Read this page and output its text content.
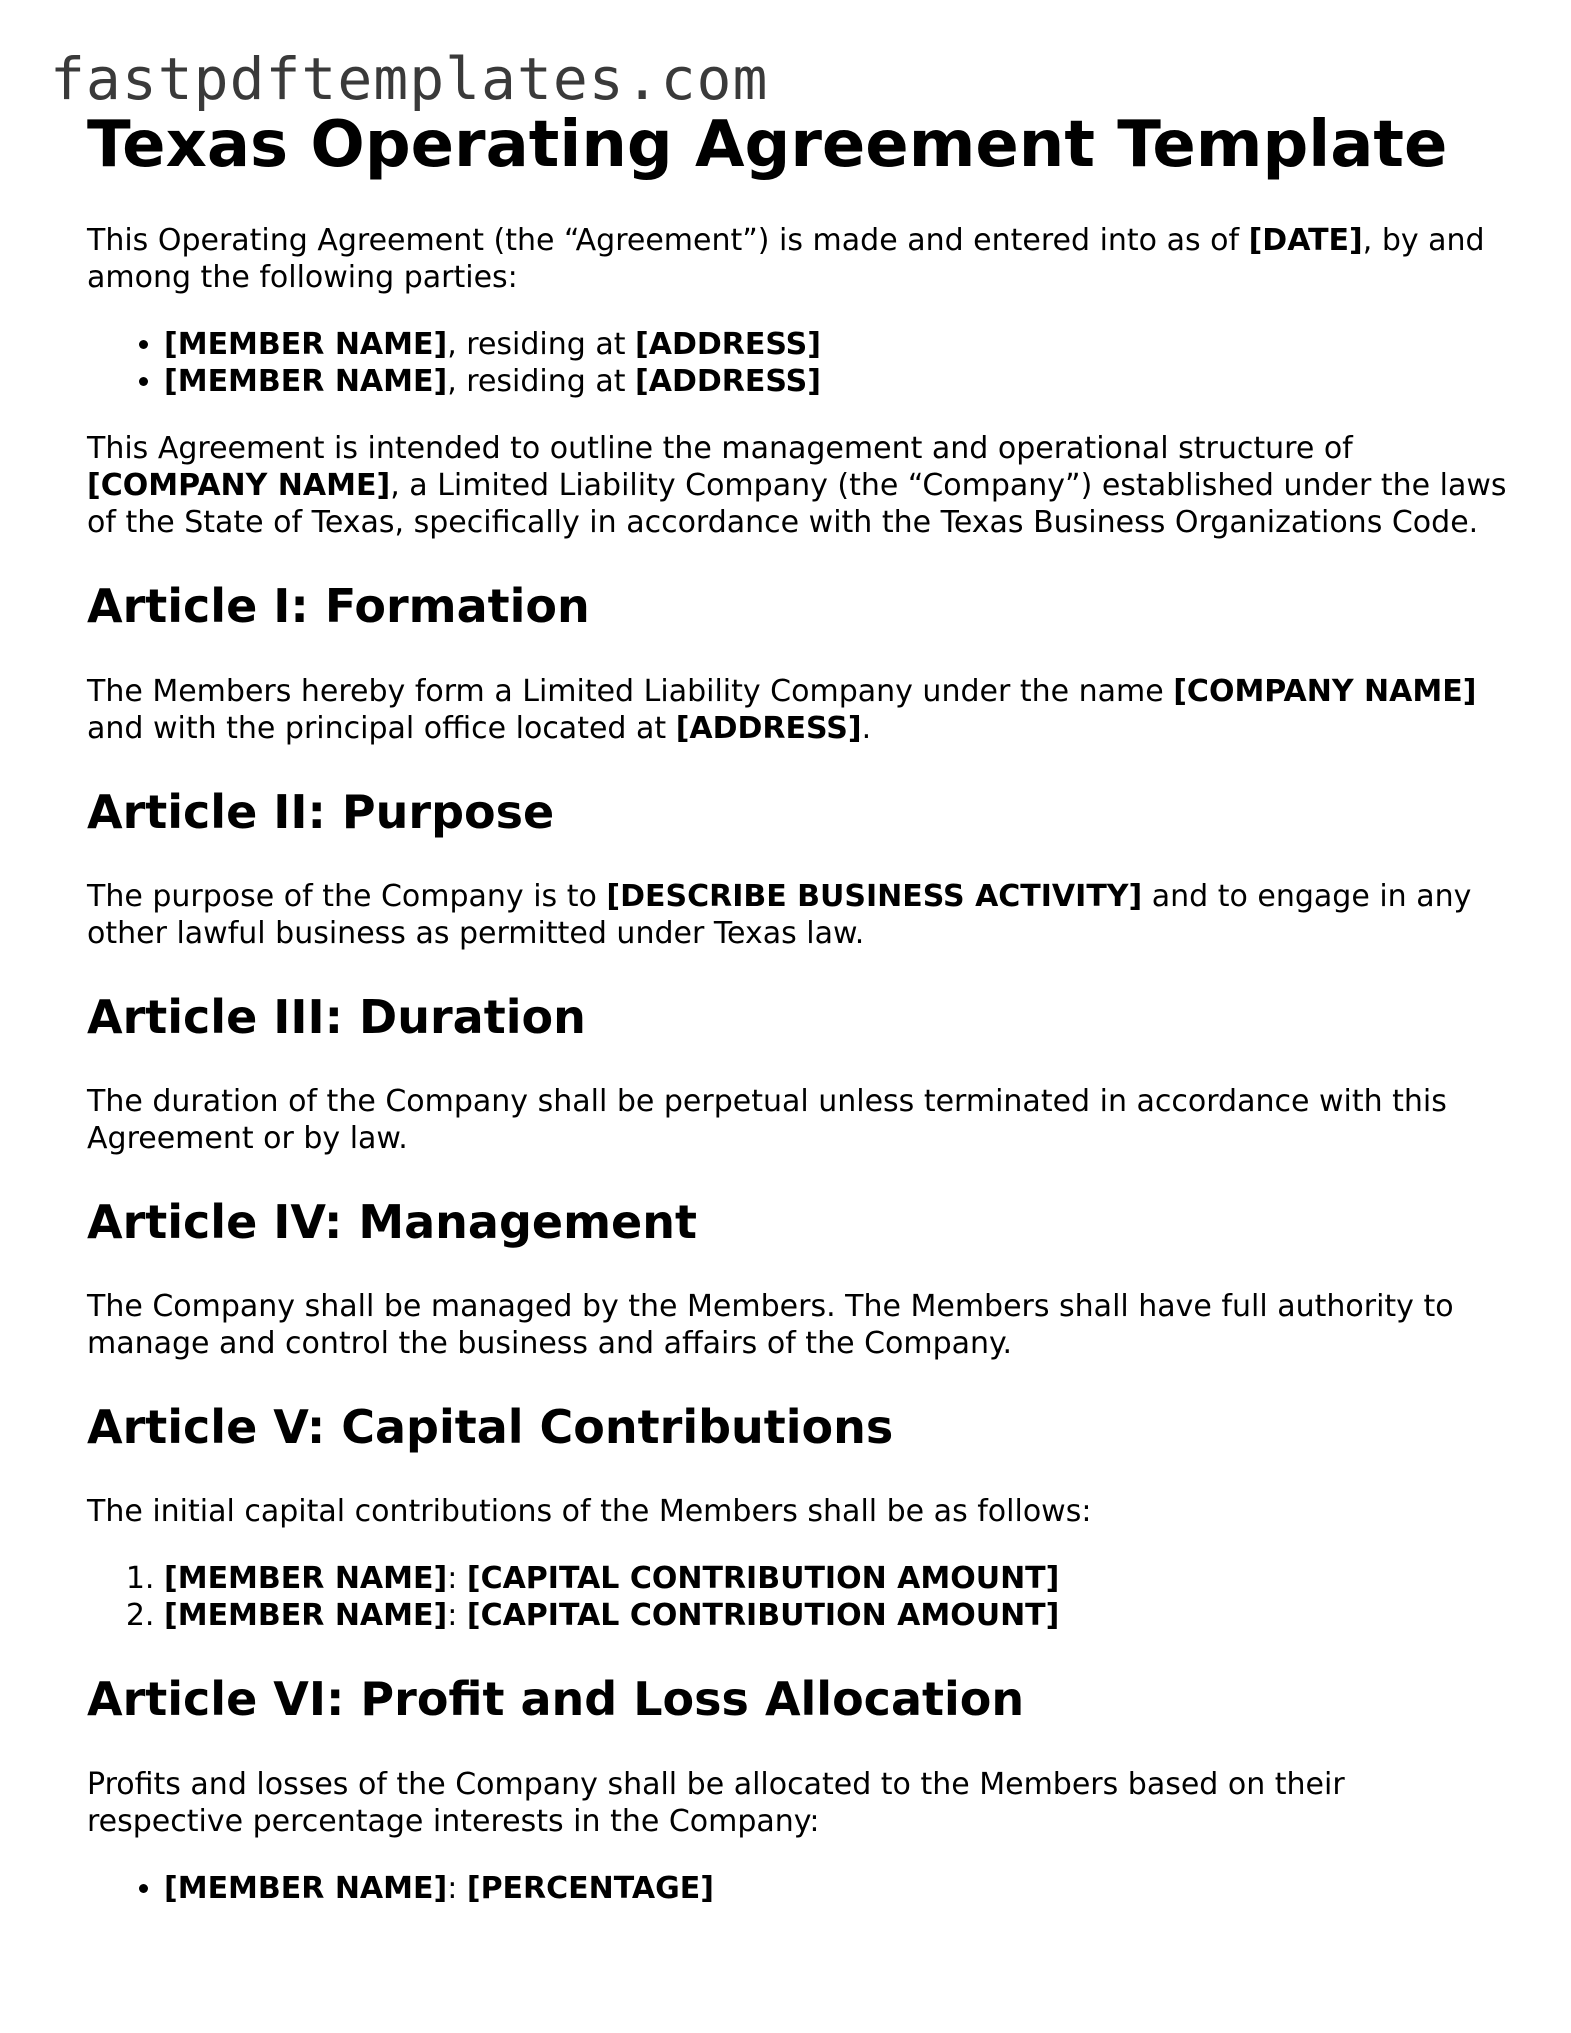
fastpdftemplates.com
Texas Operating Agreement Template

This Operating Agreement (the “Agreement”) is made and entered into as of [DATE], by and among the following parties:

• [MEMBER NAME], residing at [ADDRESS]
• [MEMBER NAME], residing at [ADDRESS]

This Agreement is intended to outline the management and operational structure of [COMPANY NAME], a Limited Liability Company (the “Company”) established under the laws of the State of Texas, specifically in accordance with the Texas Business Organizations Code.

Article I: Formation

The Members hereby form a Limited Liability Company under the name [COMPANY NAME] and with the principal office located at [ADDRESS].

Article II: Purpose

The purpose of the Company is to [DESCRIBE BUSINESS ACTIVITY] and to engage in any other lawful business as permitted under Texas law.

Article III: Duration

The duration of the Company shall be perpetual unless terminated in accordance with this Agreement or by law.

Article IV: Management

The Company shall be managed by the Members. The Members shall have full authority to manage and control the business and affairs of the Company.

Article V: Capital Contributions

The initial capital contributions of the Members shall be as follows:

1. [MEMBER NAME]: [CAPITAL CONTRIBUTION AMOUNT]
2. [MEMBER NAME]: [CAPITAL CONTRIBUTION AMOUNT]
Article VI: Profit and Loss Allocation

Profits and losses of the Company shall be allocated to the Members based on their respective percentage interests in the Company:

• [MEMBER NAME]: [PERCENTAGE]
